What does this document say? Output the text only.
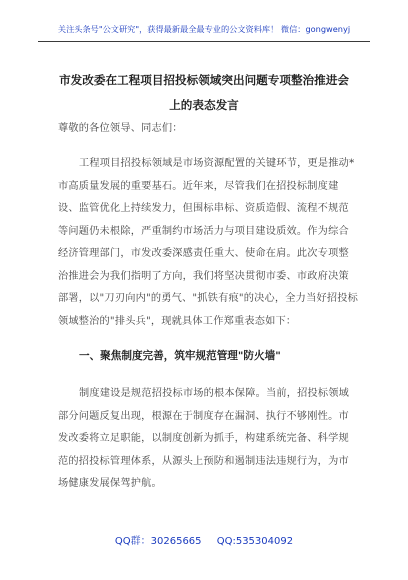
关注头条号"公文研究"，获得最新最全最专业的公文资料库！ 微信：gongwenyj
市发改委在工程项目招投标领域突出问题专项整治推进会
上的表态发言
尊敬的各位领导、同志们：
工程项目招投标领域是市场资源配置的关键环节，更是推动*市高质量发展的重要基石。近年来，尽管我们在招投标制度建设、监管优化上持续发力，但围标串标、资质造假、流程不规范等问题仍未根除，严重制约市场活力与项目建设质效。作为综合经济管理部门，市发改委深感责任重大、使命在肩。此次专项整治推进会为我们指明了方向，我们将坚决贯彻市委、市政府决策部署，以"刀刃向内"的勇气、"抓铁有痕"的决心，全力当好招投标领域整治的"排头兵"，现就具体工作郑重表态如下：
一、聚焦制度完善，筑牢规范管理"防火墙"
制度建设是规范招投标市场的根本保障。当前，招投标领域部分问题反复出现，根源在于制度存在漏洞、执行不够刚性。市发改委将立足职能，以制度创新为抓手，构建系统完备、科学规范的招投标管理体系，从源头上预防和遏制违法违规行为，为市场健康发展保驾护航。
QQ群：30265665 QQ:535304092
